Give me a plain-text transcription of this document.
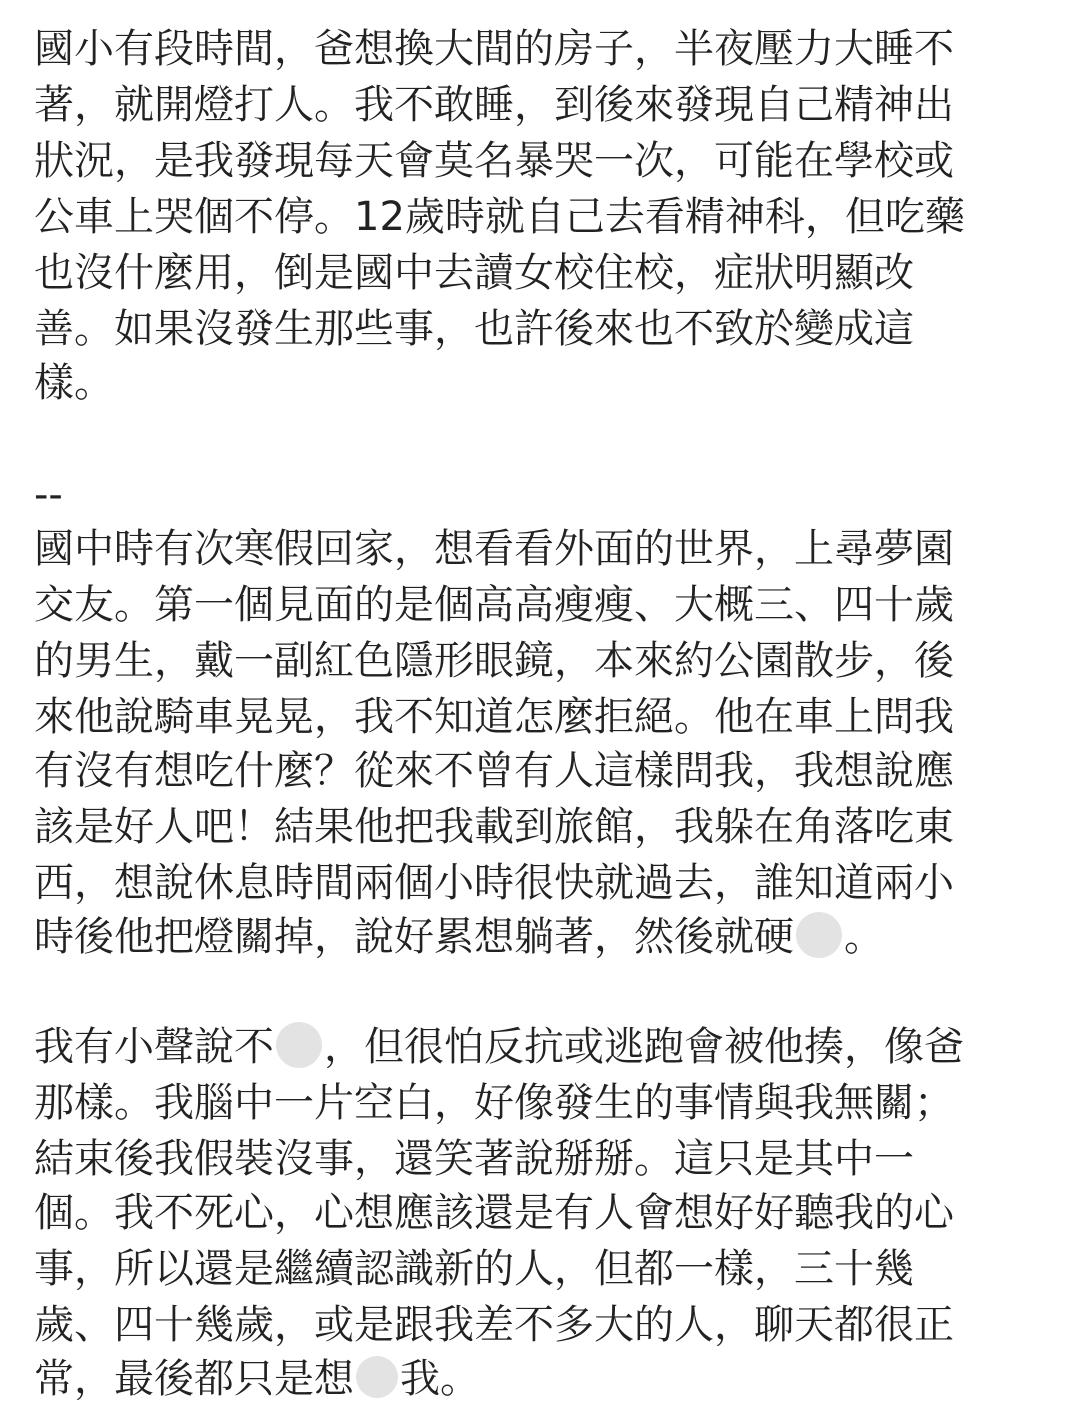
國小有段時間，爸想換大間的房子，半夜壓力大睡不
著，就開燈打人。我不敢睡，到後來發現自己精神出
狀況，是我發現每天會莫名暴哭一次，可能在學校或
公車上哭個不停。12歲時就自己去看精神科，但吃藥
也沒什麼用，倒是國中去讀女校住校，症狀明顯改
善。如果沒發生那些事，也許後來也不致於變成這
樣。
--
國中時有次寒假回家，想看看外面的世界，上尋夢園
交友。第一個見面的是個高高瘦瘦、大概三、四十歲
的男生，戴一副紅色隱形眼鏡，本來約公園散步，後
來他說騎車晃晃，我不知道怎麼拒絕。他在車上問我
有沒有想吃什麼？從來不曾有人這樣問我，我想說應
該是好人吧！結果他把我載到旅館，我躲在角落吃東
西，想說休息時間兩個小時很快就過去，誰知道兩小
時後他把燈關掉，說好累想躺著，然後就硬 。
我有小聲說不 ，但很怕反抗或逃跑會被他揍，像爸
那樣。我腦中一片空白，好像發生的事情與我無關；
結束後我假裝沒事，還笑著說掰掰。這只是其中一
個。我不死心，心想應該還是有人會想好好聽我的心
事，所以還是繼續認識新的人，但都一樣，三十幾
歲、四十幾歲，或是跟我差不多大的人，聊天都很正
常，最後都只是想 我。
